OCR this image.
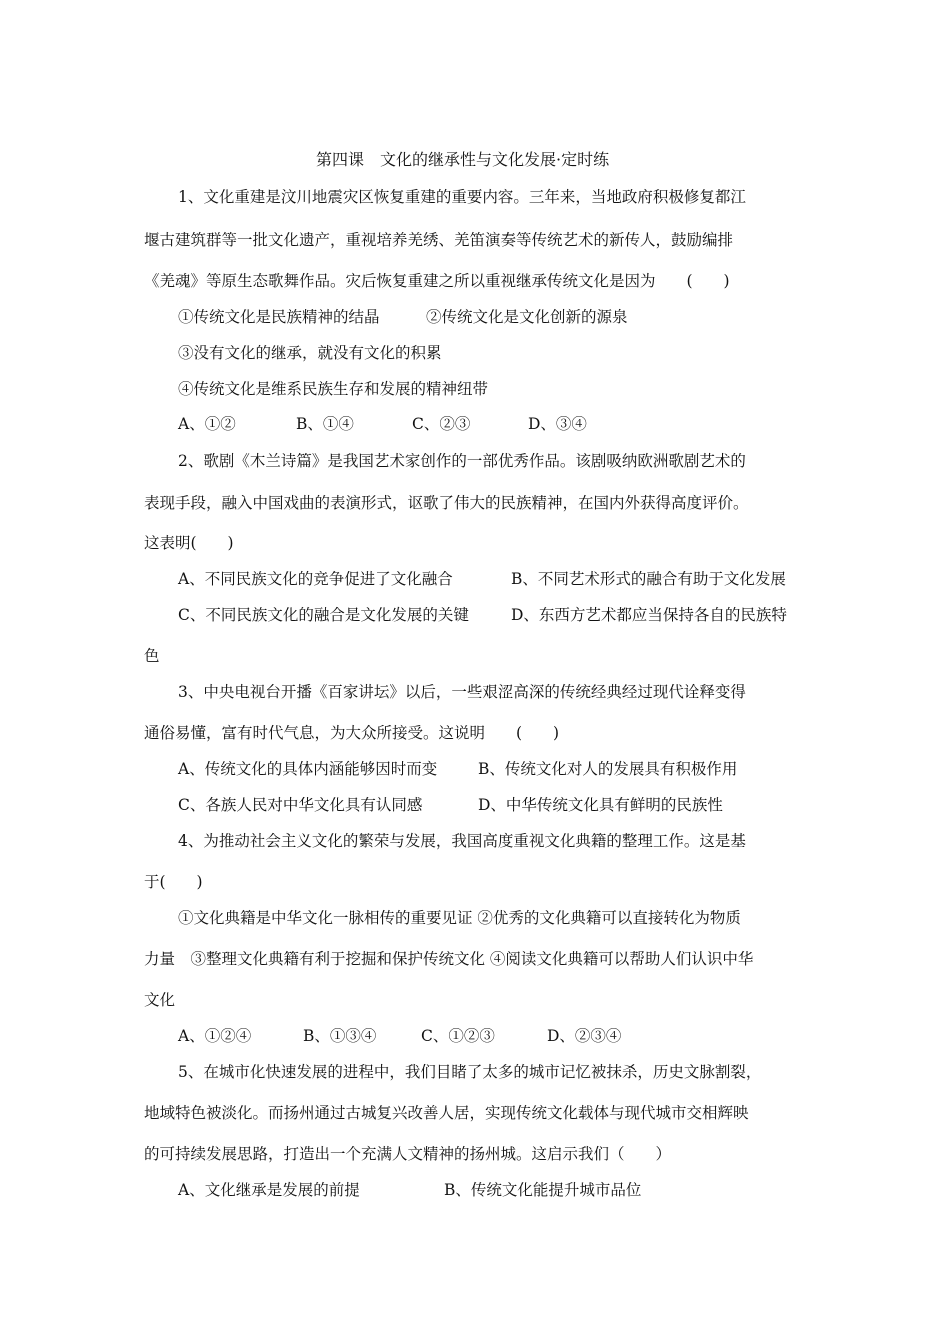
第四课　文化的继承性与文化发展·定时练
1、文化重建是汶川地震灾区恢复重建的重要内容。三年来，当地政府积极修复都江
堰古建筑群等一批文化遗产，重视培养羌绣、羌笛演奏等传统艺术的新传人，鼓励编排
《羌魂》等原生态歌舞作品。灾后恢复重建之所以重视继承传统文化是因为　　(　　)
①传统文化是民族精神的结晶　　　②传统文化是文化创新的源泉
③没有文化的继承，就没有文化的积累
④传统文化是维系民族生存和发展的精神纽带
A、①②	B、①④	C、②③	D、③④
2、歌剧《木兰诗篇》是我国艺术家创作的一部优秀作品。该剧吸纳欧洲歌剧艺术的
表现手段，融入中国戏曲的表演形式，讴歌了伟大的民族精神，在国内外获得高度评价。
这表明(　　)
A、不同民族文化的竞争促进了文化融合	B、不同艺术形式的融合有助于文化发展
C、不同民族文化的融合是文化发展的关键	D、东西方艺术都应当保持各自的民族特
色
3、中央电视台开播《百家讲坛》以后，一些艰涩高深的传统经典经过现代诠释变得
通俗易懂，富有时代气息，为大众所接受。这说明　　(　　)
A、传统文化的具体内涵能够因时而变	B、传统文化对人的发展具有积极作用
C、各族人民对中华文化具有认同感	D、中华传统文化具有鲜明的民族性
4、为推动社会主义文化的繁荣与发展，我国高度重视文化典籍的整理工作。这是基
于(　　)
①文化典籍是中华文化一脉相传的重要见证 ②优秀的文化典籍可以直接转化为物质
力量　③整理文化典籍有利于挖掘和保护传统文化 ④阅读文化典籍可以帮助人们认识中华
文化
A、①②④	B、①③④	C、①②③	D、②③④
5、在城市化快速发展的进程中，我们目睹了太多的城市记忆被抹杀，历史文脉割裂，
地域特色被淡化。而扬州通过古城复兴改善人居，实现传统文化载体与现代城市交相辉映
的可持续发展思路，打造出一个充满人文精神的扬州城。这启示我们（　　）
A、文化继承是发展的前提	B、传统文化能提升城市品位
